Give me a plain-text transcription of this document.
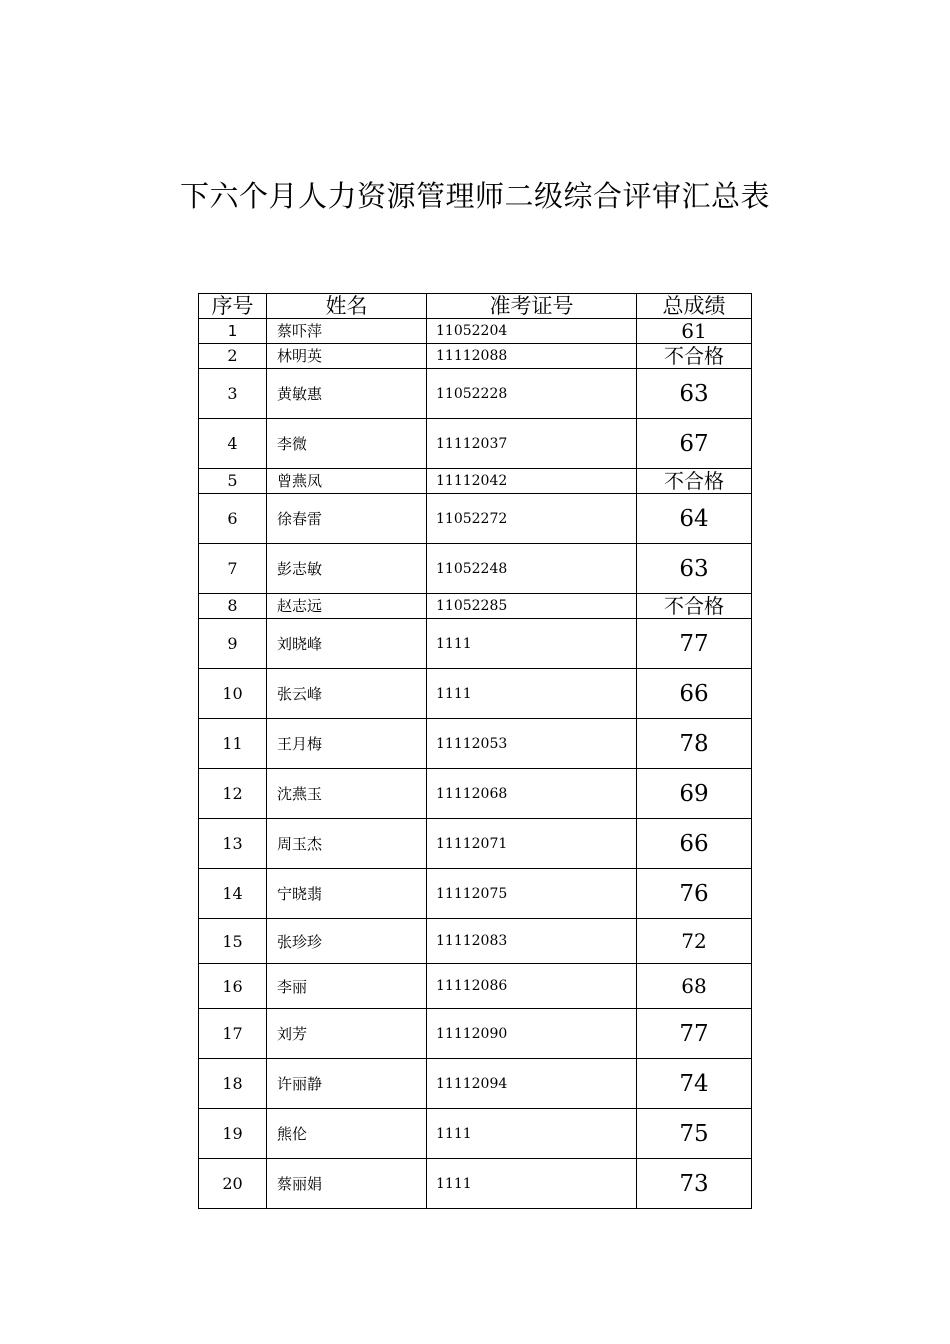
下六个月人力资源管理师二级综合评审汇总表
序号	姓名	准考证号	总成绩
1	蔡吓萍	11052204	61
2	林明英	11112088	不合格
3	黄敏惠	11052228	63
4	李微	11112037	67
5	曾燕凤	11112042	不合格
6	徐春雷	11052272	64
7	彭志敏	11052248	63
8	赵志远	11052285	不合格
9	刘晓峰	1111	77
10	张云峰	1111	66
11	王月梅	11112053	78
12	沈燕玉	11112068	69
13	周玉杰	11112071	66
14	宁晓翡	11112075	76
15	张珍珍	11112083	72
16	李丽	11112086	68
17	刘芳	11112090	77
18	许丽静	11112094	74
19	熊伦	1111	75
20	蔡丽娟	1111	73
